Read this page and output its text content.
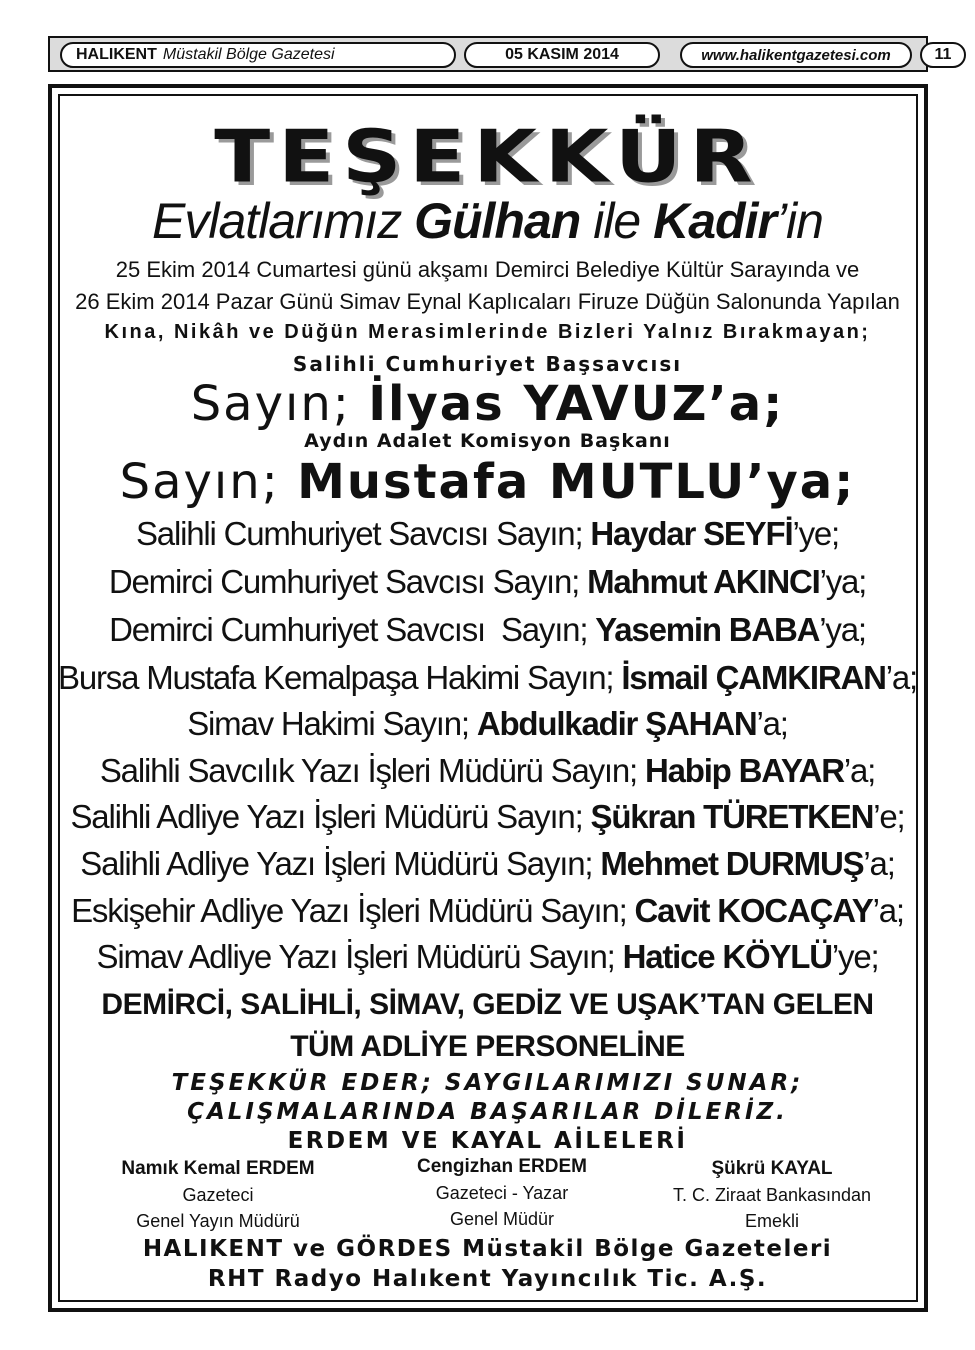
HALIKENT Müstakil Bölge Gazetesi	05 KASIM 2014	www.halikentgazetesi.com	11
TEŞEKKÜR
Evlatlarımız Gülhan ile Kadir’in
25 Ekim 2014 Cumartesi günü akşamı Demirci Belediye Kültür Sarayında ve
26 Ekim 2014 Pazar Günü Simav Eynal Kaplıcaları Firuze Düğün Salonunda Yapılan
Kına, Nikâh ve Düğün Merasimlerinde Bizleri Yalnız Bırakmayan;
Salihli Cumhuriyet Başsavcısı
Sayın; İlyas YAVUZ’a;
Aydın Adalet Komisyon Başkanı
Sayın; Mustafa MUTLU’ya;
Salihli Cumhuriyet Savcısı Sayın; Haydar SEYFİ’ye;
Demirci Cumhuriyet Savcısı Sayın; Mahmut AKINCI’ya;
Demirci Cumhuriyet Savcısı  Sayın; Yasemin BABA’ya;
Bursa Mustafa Kemalpaşa Hakimi Sayın; İsmail ÇAMKIRAN’a;
Simav Hakimi Sayın; Abdulkadir ŞAHAN’a;
Salihli Savcılık Yazı İşleri Müdürü Sayın; Habip BAYAR’a;
Salihli Adliye Yazı İşleri Müdürü Sayın; Şükran TÜRETKEN’e;
Salihli Adliye Yazı İşleri Müdürü Sayın; Mehmet DURMUŞ’a;
Eskişehir Adliye Yazı İşleri Müdürü Sayın; Cavit KOCAÇAY’a;
Simav Adliye Yazı İşleri Müdürü Sayın; Hatice KÖYLÜ’ye;
DEMİRCİ, SALİHLİ, SİMAV, GEDİZ VE UŞAK’TAN GELEN
TÜM ADLİYE PERSONELİNE
TEŞEKKÜR EDER; SAYGILARIMIZI SUNAR;
ÇALIŞMALARINDA BAŞARILAR DİLERİZ.
ERDEM VE KAYAL AİLELERİ
Namık Kemal ERDEM
Gazeteci
Genel Yayın Müdürü
Cengizhan ERDEM
Gazeteci - Yazar
Genel Müdür
Şükrü KAYAL
T. C. Ziraat Bankasından
Emekli
HALIKENT ve GÖRDES Müstakil Bölge Gazeteleri
RHT Radyo Halıkent Yayıncılık Tic. A.Ş.
